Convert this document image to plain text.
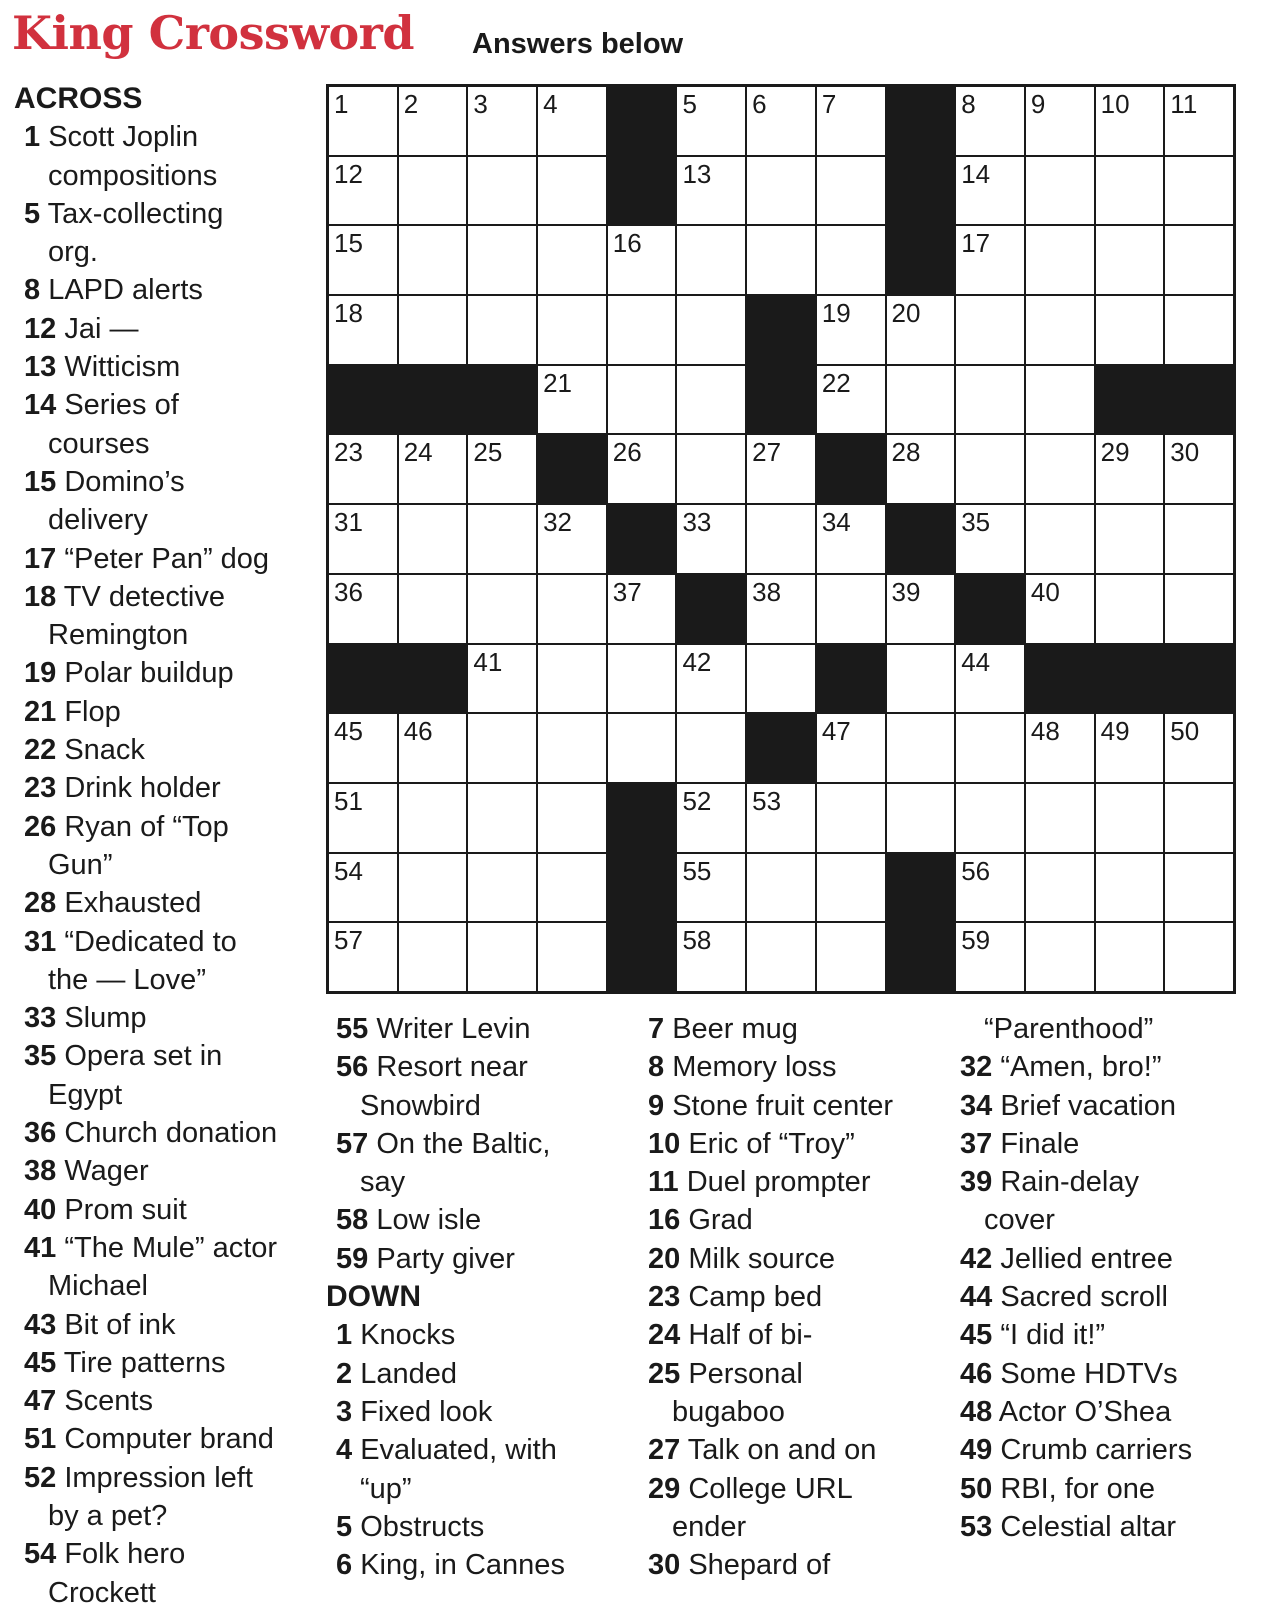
King Crossword Answers below
1 2 3 4	5 6 7	8 9 10 11
12	13	14
15	16	17
18	19 20
21	22
23 24 25	26	27	28	29 30
31	32	33	34	35
36	37	38	39	40
41	42	44
45 46	47	48 49 50
51	52 53
54	55	56
57	58	59
ACROSS
1 Scott Joplin
compositions
5 Tax-collecting
org.
8 LAPD alerts
12 Jai —
13 Witticism
14 Series of
courses
15 Domino’s
delivery
17 “Peter Pan” dog
18 TV detective
Remington
19 Polar buildup
21 Flop
22 Snack
23 Drink holder
26 Ryan of “Top
Gun”
28 Exhausted
31 “Dedicated to
the — Love”
33 Slump
35 Opera set in
Egypt
36 Church donation
38 Wager
40 Prom suit
41 “The Mule” actor
Michael
43 Bit of ink
45 Tire patterns
47 Scents
51 Computer brand
52 Impression left
by a pet?
54 Folk hero
Crockett
55 Writer Levin
56 Resort near
Snowbird
57 On the Baltic,
say
58 Low isle
59 Party giver
DOWN
1 Knocks
2 Landed
3 Fixed look
4 Evaluated, with
“up”
5 Obstructs
6 King, in Cannes
7 Beer mug
8 Memory loss
9 Stone fruit center
10 Eric of “Troy”
11 Duel prompter
16 Grad
20 Milk source
23 Camp bed
24 Half of bi-
25 Personal
bugaboo
27 Talk on and on
29 College URL
ender
30 Shepard of
“Parenthood”
32 “Amen, bro!”
34 Brief vacation
37 Finale
39 Rain-delay
cover
42 Jellied entree
44 Sacred scroll
45 “I did it!”
46 Some HDTVs
48 Actor O’Shea
49 Crumb carriers
50 RBI, for one
53 Celestial altar
